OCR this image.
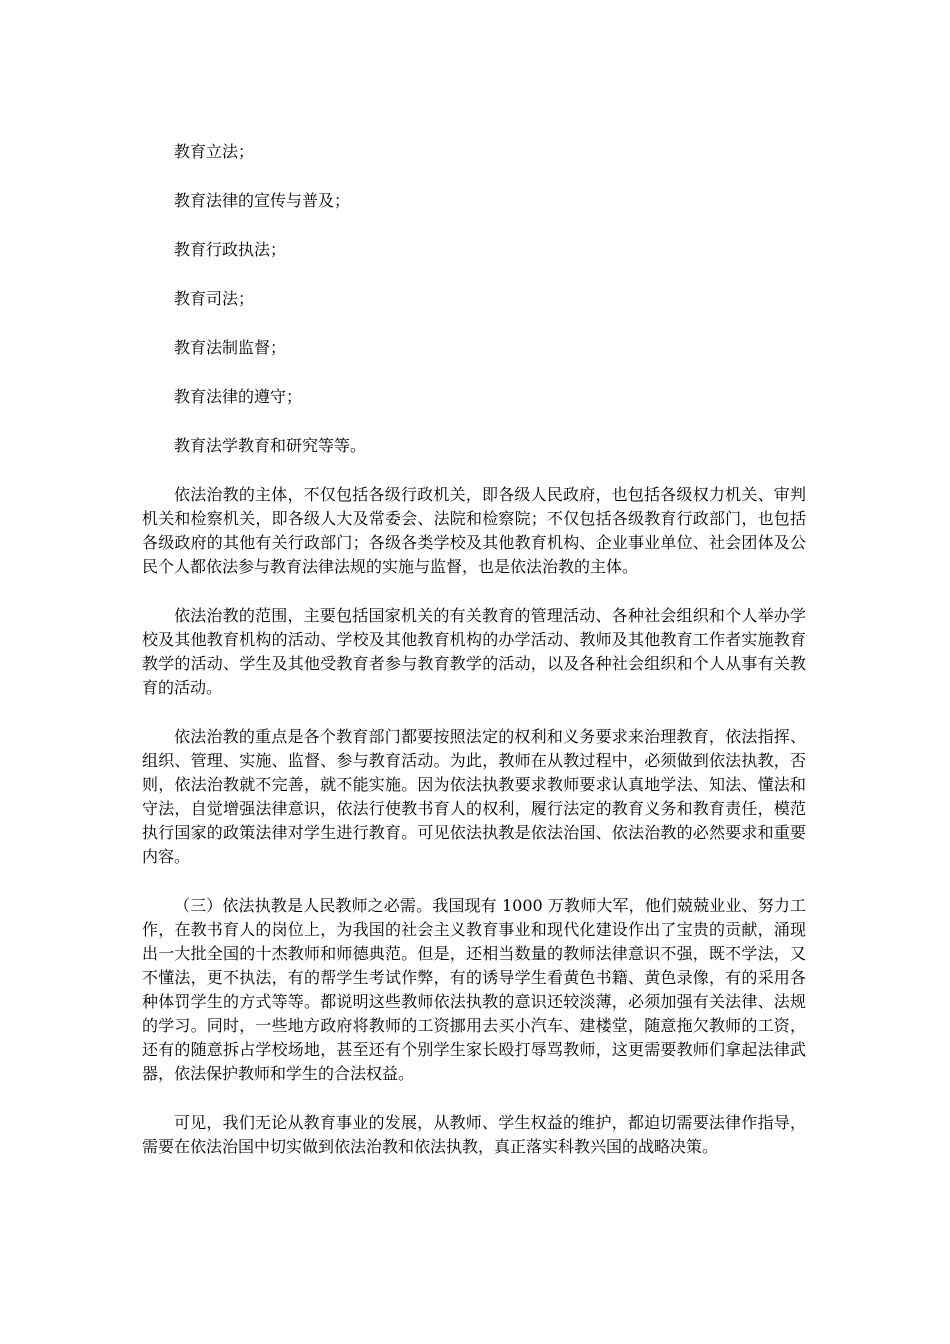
教育立法；

教育法律的宣传与普及；

教育行政执法；

教育司法；

教育法制监督；

教育法律的遵守；

教育法学教育和研究等等。

依法治教的主体，不仅包括各级行政机关，即各级人民政府，也包括各级权力机关、审判机关和检察机关，即各级人大及常委会、法院和检察院；不仅包括各级教育行政部门，也包括各级政府的其他有关行政部门；各级各类学校及其他教育机构、企业事业单位、社会团体及公民个人都依法参与教育法律法规的实施与监督，也是依法治教的主体。

依法治教的范围，主要包括国家机关的有关教育的管理活动、各种社会组织和个人举办学校及其他教育机构的活动、学校及其他教育机构的办学活动、教师及其他教育工作者实施教育教学的活动、学生及其他受教育者参与教育教学的活动，以及各种社会组织和个人从事有关教育的活动。

依法治教的重点是各个教育部门都要按照法定的权利和义务要求来治理教育，依法指挥、组织、管理、实施、监督、参与教育活动。为此，教师在从教过程中，必须做到依法执教，否则，依法治教就不完善，就不能实施。因为依法执教要求教师要求认真地学法、知法、懂法和守法，自觉增强法律意识，依法行使教书育人的权利，履行法定的教育义务和教育责任，模范执行国家的政策法律对学生进行教育。可见依法执教是依法治国、依法治教的必然要求和重要内容。

（三）依法执教是人民教师之必需。我国现有 1000 万教师大军，他们兢兢业业、努力工作，在教书育人的岗位上，为我国的社会主义教育事业和现代化建设作出了宝贵的贡献，涌现出一大批全国的十杰教师和师德典范。但是，还相当数量的教师法律意识不强，既不学法，又不懂法，更不执法，有的帮学生考试作弊，有的诱导学生看黄色书籍、黄色录像，有的采用各种体罚学生的方式等等。都说明这些教师依法执教的意识还较淡薄，必须加强有关法律、法规的学习。同时，一些地方政府将教师的工资挪用去买小汽车、建楼堂，随意拖欠教师的工资，还有的随意拆占学校场地，甚至还有个别学生家长殴打辱骂教师，这更需要教师们拿起法律武器，依法保护教师和学生的合法权益。

可见，我们无论从教育事业的发展，从教师、学生权益的维护，都迫切需要法律作指导，需要在依法治国中切实做到依法治教和依法执教，真正落实科教兴国的战略决策。
